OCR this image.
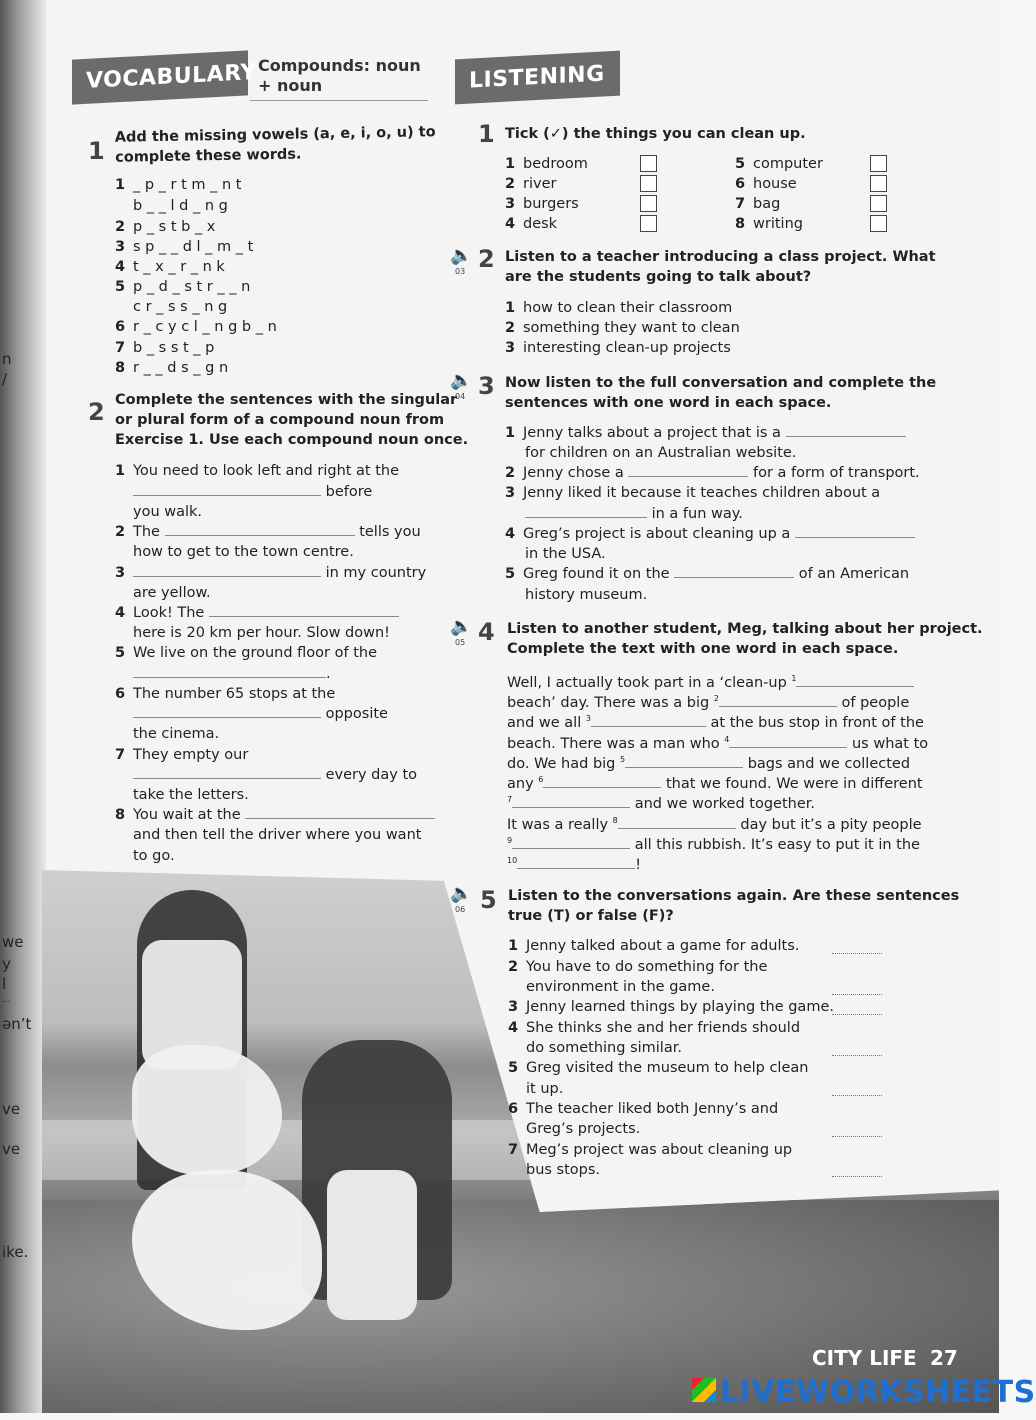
n
/
we
y
l
...
ən’t
ve
ve
ike.
VOCABULARY Compounds: noun
+ noun
1
Add the missing vowels (a, e, i, o, u) to
complete these words.
1 _ p _ r t m _ n t
b _ _ l d _ n g
2 p _ s t b _ x
3 s p _ _ d l _ m _ t
4 t _ x _ r _ n k
5 p _ d _ s t r _ _ n
c r _ s s _ n g
6 r _ c y c l _ n g b _ n
7 b _ s s t _ p
8 r _ _ d s _ g n
2 Complete the sentences with the singular
or plural form of a compound noun from
Exercise 1. Use each compound noun once.
1 You need to look left and right at the
before
you walk.
2 The	tells you
how to get to the town centre.
3	in my country
are yellow.
4 Look! The
here is 20 km per hour. Slow down!
5 We live on the ground floor of the
.
6 The number 65 stops at the
opposite
the cinema.
7 They empty our
every day to
take the letters.
8 You wait at the
and then tell the driver where you want
to go.
LISTENING
1 Tick (✓) the things you can clean up.
1 bedroom
2 river
3 burgers
4 desk
5 computer
6 house
7 bag
8 writing
🔈
03 2 Listen to a teacher introducing a class project. What
are the students going to talk about?
1 how to clean their classroom
2 something they want to clean
3 interesting clean-up projects
🔈
04 3 Now listen to the full conversation and complete the
sentences with one word in each space.
1 Jenny talks about a project that is a
for children on an Australian website.
2 Jenny chose a	for a form of transport.
3 Jenny liked it because it teaches children about a
in a fun way.
4 Greg’s project is about cleaning up a
in the USA.
5 Greg found it on the	of an American
history museum.
🔈
05 4 Listen to another student, Meg, talking about her project.
Complete the text with one word in each space.
Well, I actually took part in a ‘clean-up $^1$
beach’ day. There was a big $^2$	of people
and we all $^3$	at the bus stop in front of the
beach. There was a man who $^4$	us what to
do. We had big $^5$	bags and we collected
any $^6$	that we found. We were in different
$^7$	and we worked together.
It was a really $^8$	day but it’s a pity people
$^9$	all this rubbish. It’s easy to put it in the
$^{10}$	!
🔈
06 5 Listen to the conversations again. Are these sentences
true (T) or false (F)?
1 Jenny talked about a game for adults.
2 You have to do something for the
environment in the game.
3 Jenny learned things by playing the game.
4 She thinks she and her friends should
do something similar.
5 Greg visited the museum to help clean
it up.
6 The teacher liked both Jenny’s and
Greg’s projects.
7 Meg’s project was about cleaning up
bus stops.
CITY LIFE 27
LIVEWORKSHEETS
